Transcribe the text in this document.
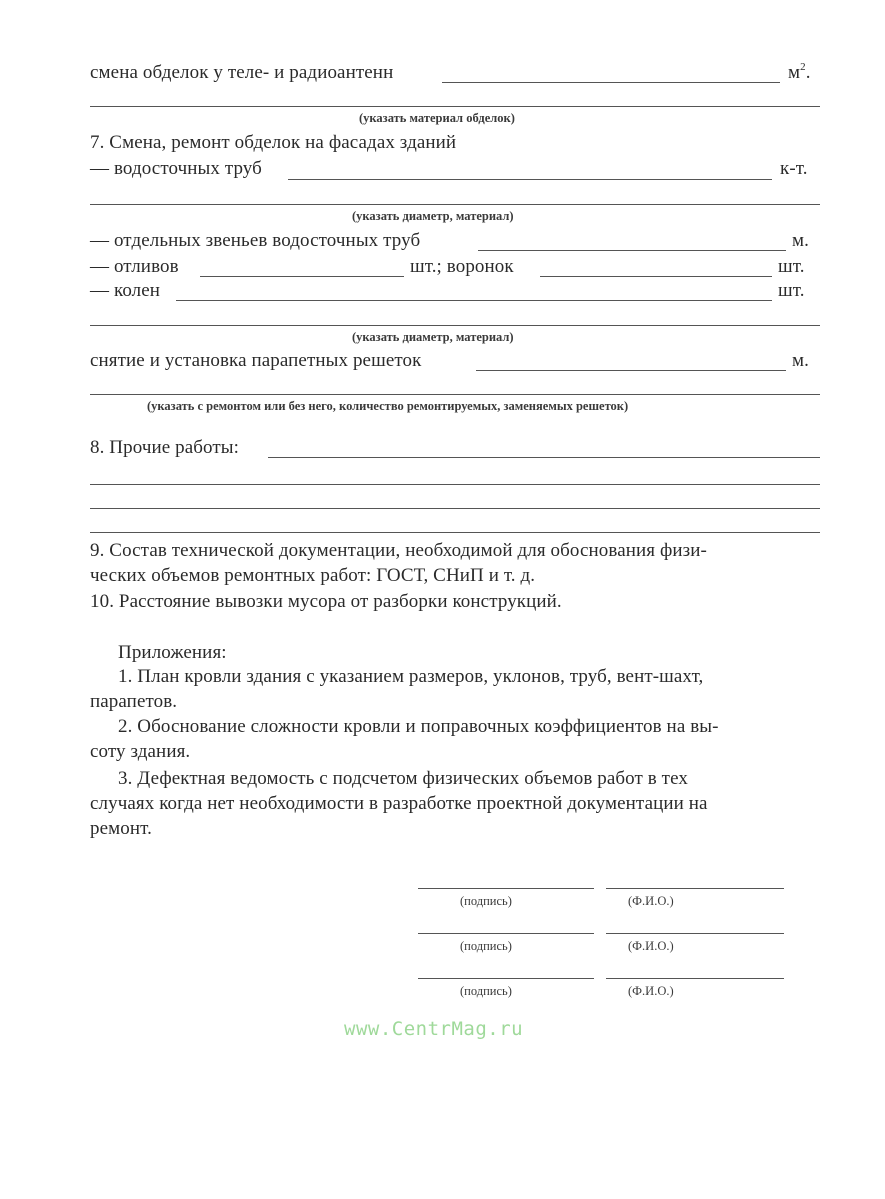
смена обделок у теле- и радиоантенн	$м^2$.
(указать материал обделок)
7. Смена, ремонт обделок на фасадах зданий
— водосточных труб	к-т.
(указать диаметр, материал)
— отдельных звеньев водосточных труб	м.
— отливов	шт.; воронок	шт.
— колен	шт.
(указать диаметр, материал)
снятие и установка парапетных решеток	м.
(указать с ремонтом или без него, количество ремонтируемых, заменяемых решеток)
8. Прочие работы:
9. Состав технической документации, необходимой для обоснования физи-
ческих объемов ремонтных работ: ГОСТ, СНиП и т. д.
10. Расстояние вывозки мусора от разборки конструкций.
Приложения:
1. План кровли здания с указанием размеров, уклонов, труб, вент-шахт,
парапетов.
2. Обоснование сложности кровли и поправочных коэффициентов на вы-
соту здания.
3. Дефектная ведомость с подсчетом физических объемов работ в тех
случаях когда нет необходимости в разработке проектной документации на
ремонт.
(подпись)	(Ф.И.О.)
(подпись)	(Ф.И.О.)
(подпись)	(Ф.И.О.)
www.CentrMag.ru
